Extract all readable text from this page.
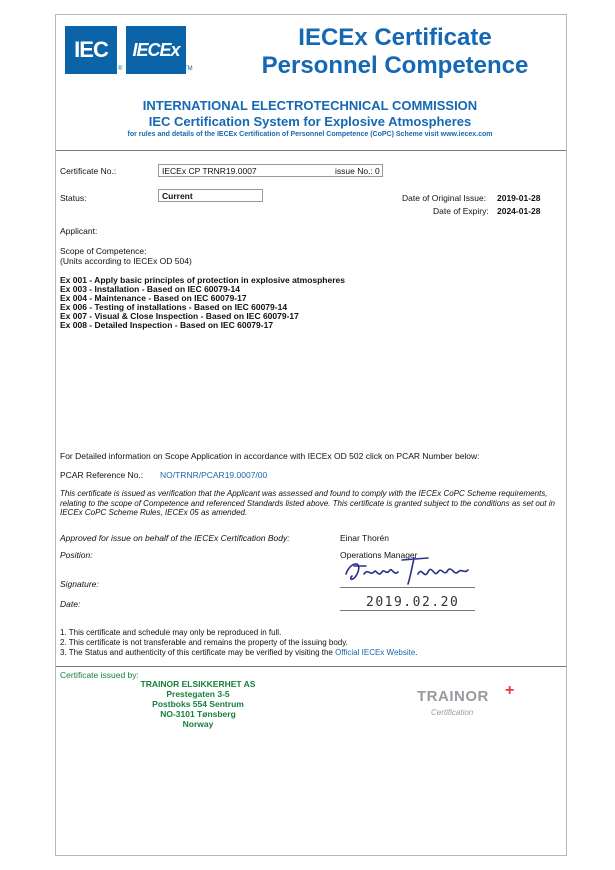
IEC
®
IECEx
TM
IECEx Certificate
Personnel Competence
INTERNATIONAL ELECTROTECHNICAL COMMISSION
IEC Certification System for Explosive Atmospheres
for rules and details of the IECEx Certification of Personnel Competence (CoPC) Scheme visit www.iecex.com
Certificate No.:	IECEx CP TRNR19.0007	issue No.: 0
Status:	Current	Date of Original Issue: 2019-01-28
Date of Expiry: 2024-01-28
Applicant:
Scope of Competence:
(Units according to IECEx OD 504)
Ex 001 - Apply basic principles of protection in explosive atmospheres
Ex 003 - Installation - Based on IEC 60079-14
Ex 004 - Maintenance - Based on IEC 60079-17
Ex 006 - Testing of installations - Based on IEC 60079-14
Ex 007 - Visual & Close Inspection - Based on IEC 60079-17
Ex 008 - Detailed Inspection - Based on IEC 60079-17
For Detailed information on Scope Application in accordance with IECEx OD 502 click on PCAR Number below:
PCAR Reference No.: NO/TRNR/PCAR19.0007/00
This certificate is issued as verification that the Applicant was assessed and found to comply with the IECEx CoPC Scheme requirements, relating to the scope of Competence and referenced Standards listed above. This certificate is granted subject to the conditions as set out in IECEx CoPC Scheme Rules, IECEx 05 as amended.
Approved for issue on behalf of the IECEx Certification Body:	Einar Thorén
Position:	Operations Manager
Signature:
Date:	2019.02.20
1. This certificate and schedule may only be reproduced in full.
2. This certificate is not transferable and remains the property of the issuing body.
3. The Status and authenticity of this certificate may be verified by visiting the Official IECEx Website.
Certificate issued by:
TRAINOR ELSIKKERHET AS
Prestegaten 3-5
Postboks 554 Sentrum
NO-3101 Tønsberg
Norway
TRAINOR
Certification
+
